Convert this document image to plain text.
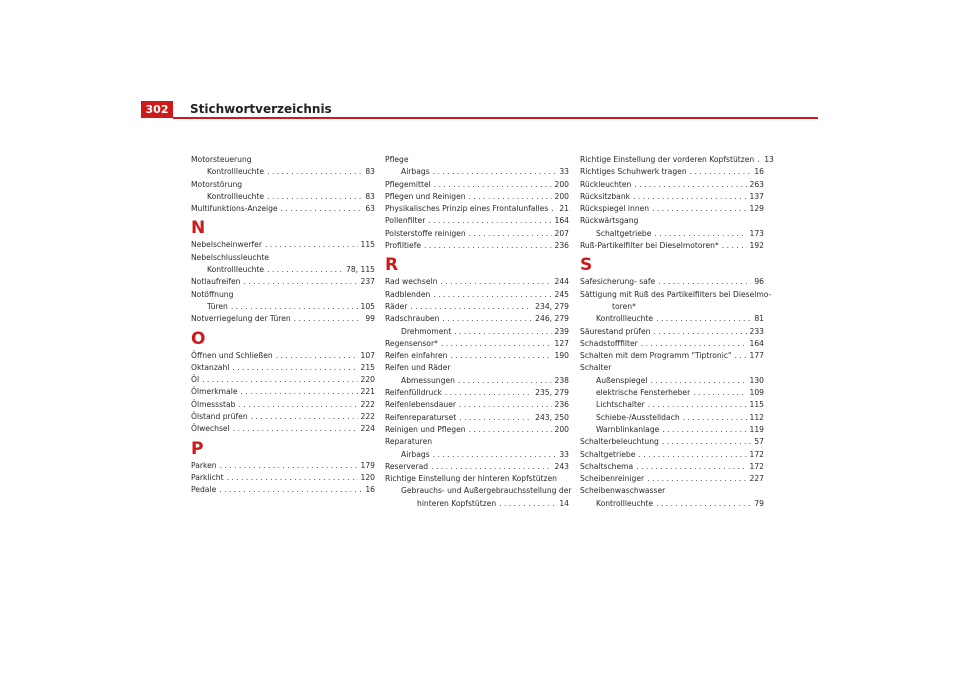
302	Stichwortverzeichnis
Motorsteuerung
Kontrollleuchte . . .	83
Motorstörung
Kontrollleuchte . . .	83
Multifunktions-Anzeige . . .	63
N
Nebelscheinwerfer . . .	115
Nebelschlussleuchte
Kontrollleuchte . . .	78, 115
Notlaufreifen . . .	237
Notöffnung
Türen . . .	105
Notverriegelung der Türen . . .	99
O
Öffnen und Schließen . . .	107
Oktanzahl . . .	215
Öl . . .	220
Ölmerkmale . . .	221
Ölmessstab . . .	222
Ölstand prüfen . . .	222
Ölwechsel . . .	224
P
Parken . . .	179
Parklicht . . .	120
Pedale . . .	16
Pflege
Airbags . . .	33
Pflegemittel . . .	200
Pflegen und Reinigen . . .	200
Physikalisches Prinzip eines Frontalunfalles . . . 21
Pollenfilter . . .	164
Polsterstoffe reinigen . . .	207
Profiltiefe . . .	236
R
Rad wechseln . . .	244
Radblenden . . .	245
Räder . . .	234, 279
Radschrauben . . .	246, 279
Drehmoment . . .	239
Regensensor* . . .	127
Reifen einfahren . . .	190
Reifen und Räder
Abmessungen . . .	238
Reifenfülldruck . . .	235, 279
Reifenlebensdauer . . .	236
Reifenreparaturset . . .	243, 250
Reinigen und Pflegen . . .	200
Reparaturen
Airbags . . .	33
Reserverad . . .	243
Richtige Einstellung der hinteren Kopfstützen
Gebrauchs- und Außergebrauchsstellung der
hinteren Kopfstützen . . .	14
Richtige Einstellung der vorderen Kopfstützen . . . 13
Richtiges Schuhwerk tragen . . .	16
Rückleuchten . . .	263
Rücksitzbank . . .	137
Rückspiegel innen . . .	129
Rückwärtsgang
Schaltgetriebe . . .	173
Ruß-Partikelfilter bei Dieselmotoren* . . .	192
S
Safesicherung- safe . . .	96
Sättigung mit Ruß des Partikelfilters bei Dieselmo-
toren*
Kontrollleuchte . . .	81
Säurestand prüfen . . .	233
Schadstofffilter . . .	164
Schalten mit dem Programm "Tiptronic" . . . 177
Schalter
Außenspiegel . . .	130
elektrische Fensterheber . . .	109
Lichtschalter . . .	115
Schiebe-/Ausstelldach . . .	112
Warnblinkanlage . . .	119
Schalterbeleuchtung . . .	57
Schaltgetriebe . . .	172
Schaltschema . . .	172
Scheibenreiniger . . .	227
Scheibenwaschwasser
Kontrollleuchte . . .	79
